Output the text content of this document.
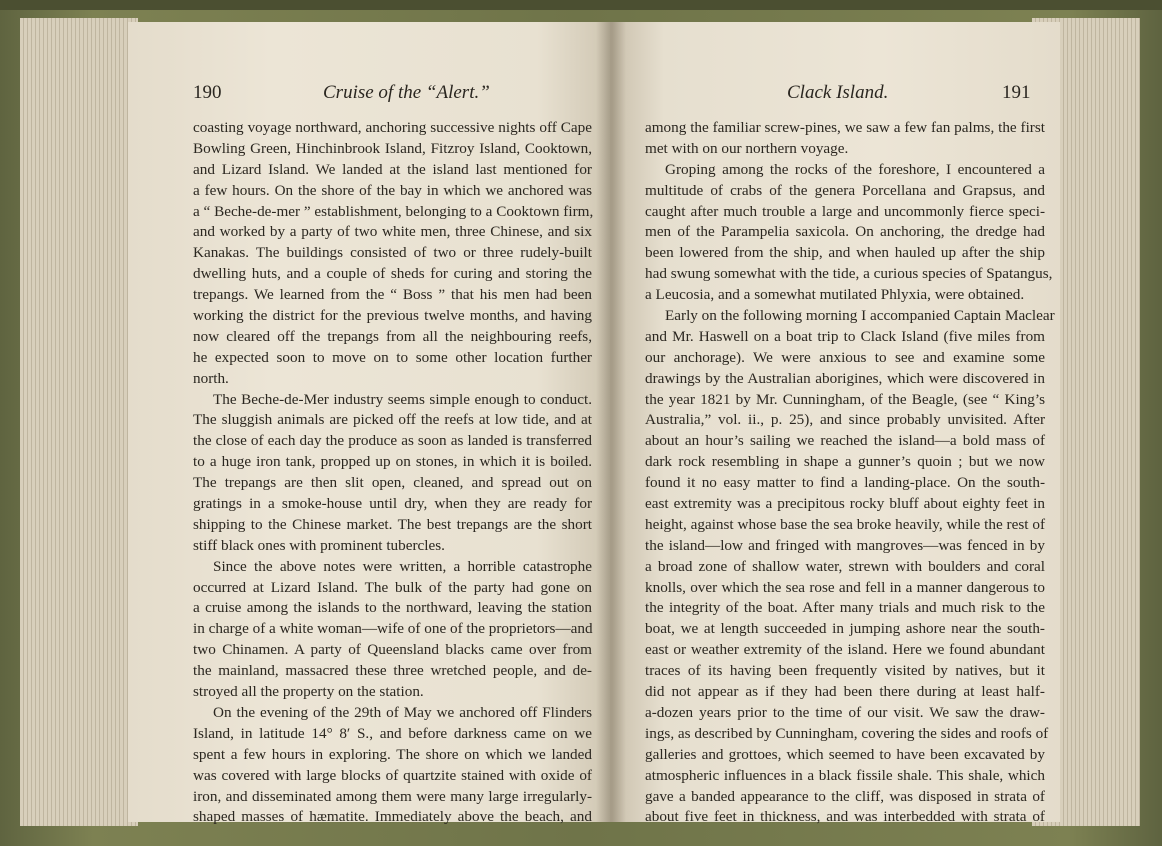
190	Cruise of the “Alert.”	Clack Island.	191
coasting voyage northward, anchoring successive nights off Cape
Bowling Green, Hinchinbrook Island, Fitzroy Island, Cooktown,
and Lizard Island. We landed at the island last mentioned for
a few hours. On the shore of the bay in which we anchored was
a “ Beche-de-mer ” establishment, belonging to a Cooktown firm,
and worked by a party of two white men, three Chinese, and six
Kanakas. The buildings consisted of two or three rudely-built
dwelling huts, and a couple of sheds for curing and storing the
trepangs. We learned from the “ Boss ” that his men had been
working the district for the previous twelve months, and having
now cleared off the trepangs from all the neighbouring reefs,
he expected soon to move on to some other location further
north.
The Beche-de-Mer industry seems simple enough to conduct.
The sluggish animals are picked off the reefs at low tide, and at
the close of each day the produce as soon as landed is transferred
to a huge iron tank, propped up on stones, in which it is boiled.
The trepangs are then slit open, cleaned, and spread out on
gratings in a smoke-house until dry, when they are ready for
shipping to the Chinese market. The best trepangs are the short
stiff black ones with prominent tubercles.
Since the above notes were written, a horrible catastrophe
occurred at Lizard Island. The bulk of the party had gone on
a cruise among the islands to the northward, leaving the station
in charge of a white woman—wife of one of the proprietors—and
two Chinamen. A party of Queensland blacks came over from
the mainland, massacred these three wretched people, and de-
stroyed all the property on the station.
On the evening of the 29th of May we anchored off Flinders
Island, in latitude 14° 8′ S., and before darkness came on we
spent a few hours in exploring. The shore on which we landed
was covered with large blocks of quartzite stained with oxide of
iron, and disseminated among them were many large irregularly-
shaped masses of hæmatite. Immediately above the beach, and
among the familiar screw-pines, we saw a few fan palms, the first
met with on our northern voyage.
Groping among the rocks of the foreshore, I encountered a
multitude of crabs of the genera Porcellana and Grapsus, and
caught after much trouble a large and uncommonly fierce speci-
men of the Parampelia saxicola. On anchoring, the dredge had
been lowered from the ship, and when hauled up after the ship
had swung somewhat with the tide, a curious species of Spatangus,
a Leucosia, and a somewhat mutilated Phlyxia, were obtained.
Early on the following morning I accompanied Captain Maclear
and Mr. Haswell on a boat trip to Clack Island (five miles from
our anchorage). We were anxious to see and examine some
drawings by the Australian aborigines, which were discovered in
the year 1821 by Mr. Cunningham, of the Beagle, (see “ King’s
Australia,” vol. ii., p. 25), and since probably unvisited. After
about an hour’s sailing we reached the island—a bold mass of
dark rock resembling in shape a gunner’s quoin ; but we now
found it no easy matter to find a landing-place. On the south-
east extremity was a precipitous rocky bluff about eighty feet in
height, against whose base the sea broke heavily, while the rest of
the island—low and fringed with mangroves—was fenced in by
a broad zone of shallow water, strewn with boulders and coral
knolls, over which the sea rose and fell in a manner dangerous to
the integrity of the boat. After many trials and much risk to the
boat, we at length succeeded in jumping ashore near the south-
east or weather extremity of the island. Here we found abundant
traces of its having been frequently visited by natives, but it
did not appear as if they had been there during at least half-
a-dozen years prior to the time of our visit. We saw the draw-
ings, as described by Cunningham, covering the sides and roofs of
galleries and grottoes, which seemed to have been excavated by
atmospheric influences in a black fissile shale. This shale, which
gave a banded appearance to the cliff, was disposed in strata of
about five feet in thickness, and was interbedded with strata of
